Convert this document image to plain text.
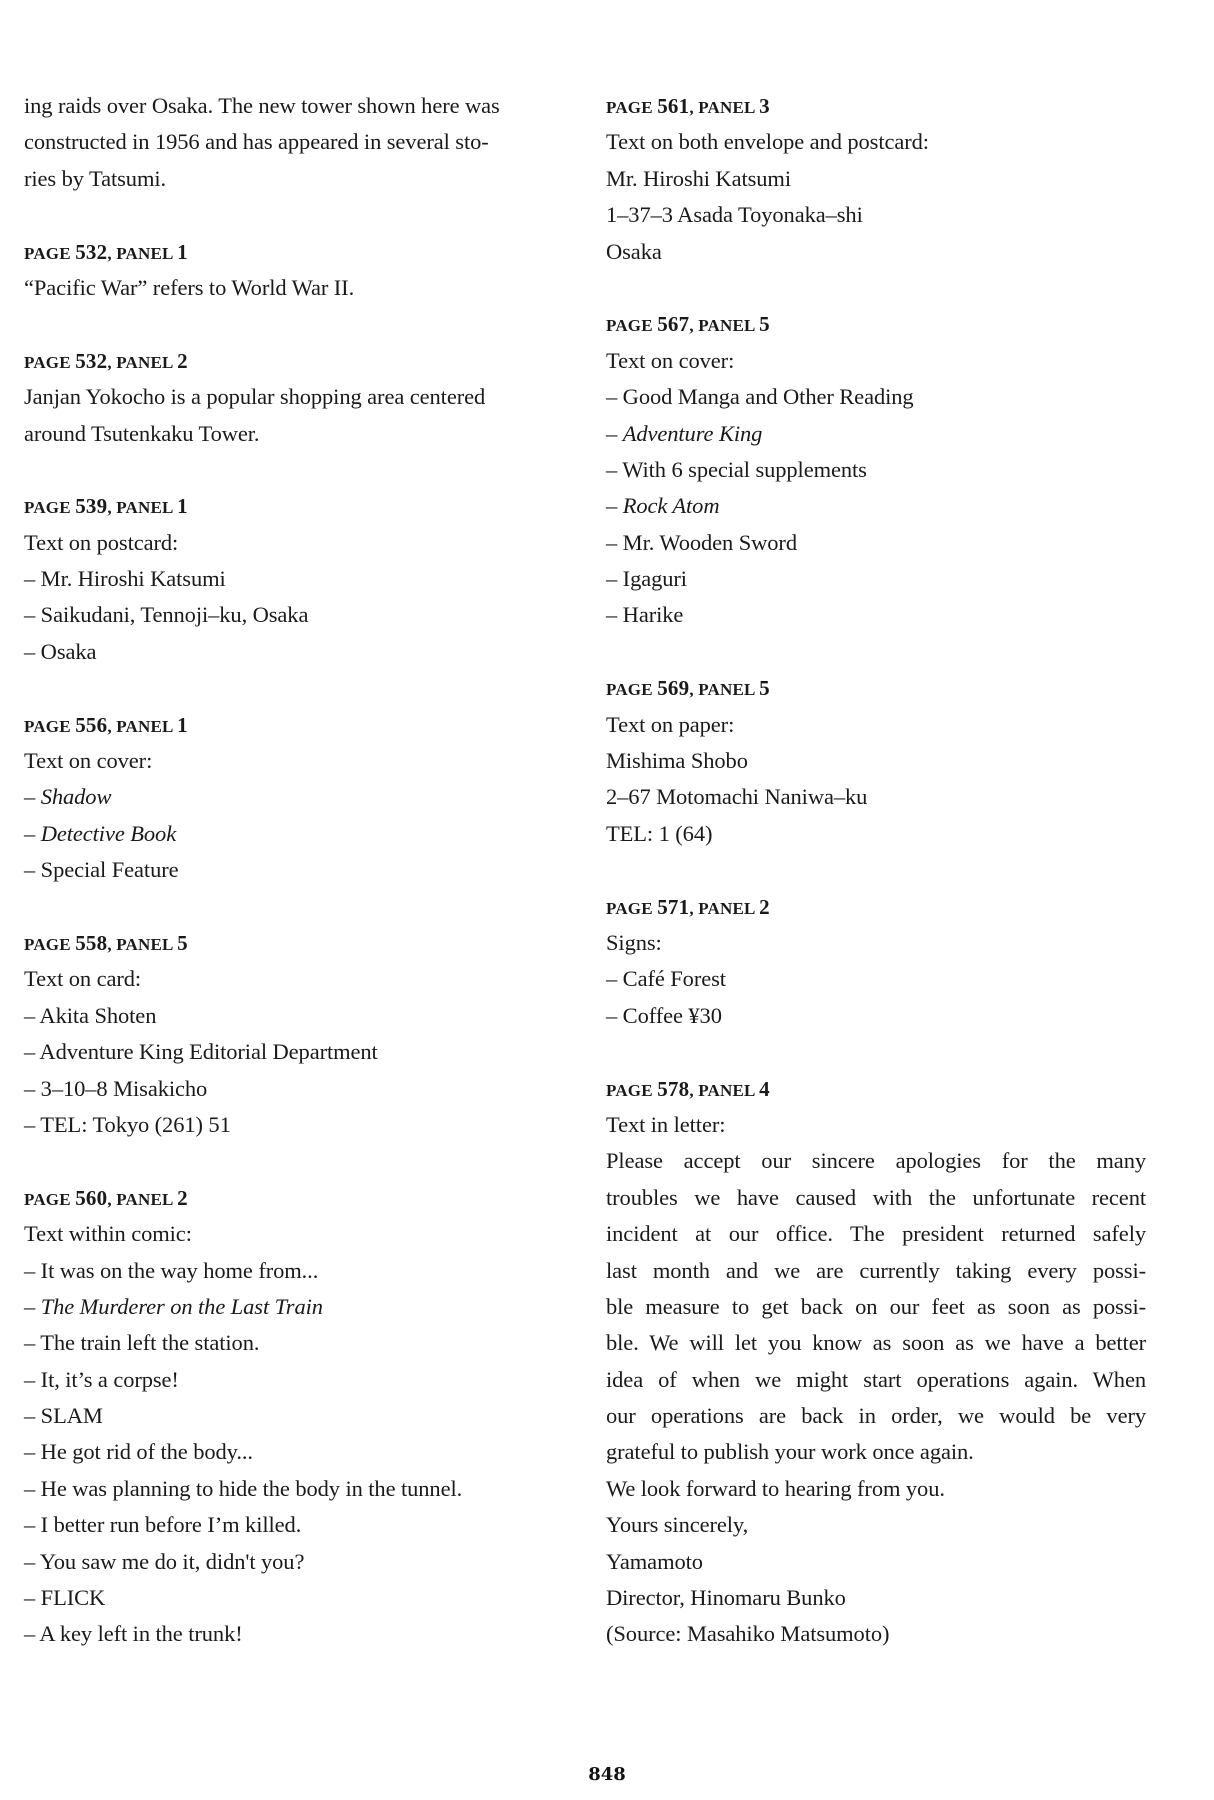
ing raids over Osaka. The new tower shown here was
constructed in 1956 and has appeared in several sto-
ries by Tatsumi.
PAGE 532, PANEL 1
“Pacific War” refers to World War II.
PAGE 532, PANEL 2
Janjan Yokocho is a popular shopping area centered
around Tsutenkaku Tower.
PAGE 539, PANEL 1
Text on postcard:
– Mr. Hiroshi Katsumi
– Saikudani, Tennoji–ku, Osaka
– Osaka
PAGE 556, PANEL 1
Text on cover:
– Shadow
– Detective Book
– Special Feature
PAGE 558, PANEL 5
Text on card:
– Akita Shoten
– Adventure King Editorial Department
– 3–10–8 Misakicho
– TEL: Tokyo (261) 51
PAGE 560, PANEL 2
Text within comic:
– It was on the way home from...
– The Murderer on the Last Train
– The train left the station.
– It, it’s a corpse!
– SLAM
– He got rid of the body...
– He was planning to hide the body in the tunnel.
– I better run before I’m killed.
– You saw me do it, didn't you?
– FLICK
– A key left in the trunk!
PAGE 561, PANEL 3
Text on both envelope and postcard:
Mr. Hiroshi Katsumi
1–37–3 Asada Toyonaka–shi
Osaka
PAGE 567, PANEL 5
Text on cover:
– Good Manga and Other Reading
– Adventure King
– With 6 special supplements
– Rock Atom
– Mr. Wooden Sword
– Igaguri
– Harike
PAGE 569, PANEL 5
Text on paper:
Mishima Shobo
2–67 Motomachi Naniwa–ku
TEL: 1 (64)
PAGE 571, PANEL 2
Signs:
– Café Forest
– Coffee ¥30
PAGE 578, PANEL 4
Text in letter:
Please accept our sincere apologies for the many
troubles we have caused with the unfortunate recent
incident at our office. The president returned safely
last month and we are currently taking every possi-
ble measure to get back on our feet as soon as possi-
ble. We will let you know as soon as we have a better
idea of when we might start operations again. When
our operations are back in order, we would be very
grateful to publish your work once again.
We look forward to hearing from you.
Yours sincerely,
Yamamoto
Director, Hinomaru Bunko
(Source: Masahiko Matsumoto)
848
